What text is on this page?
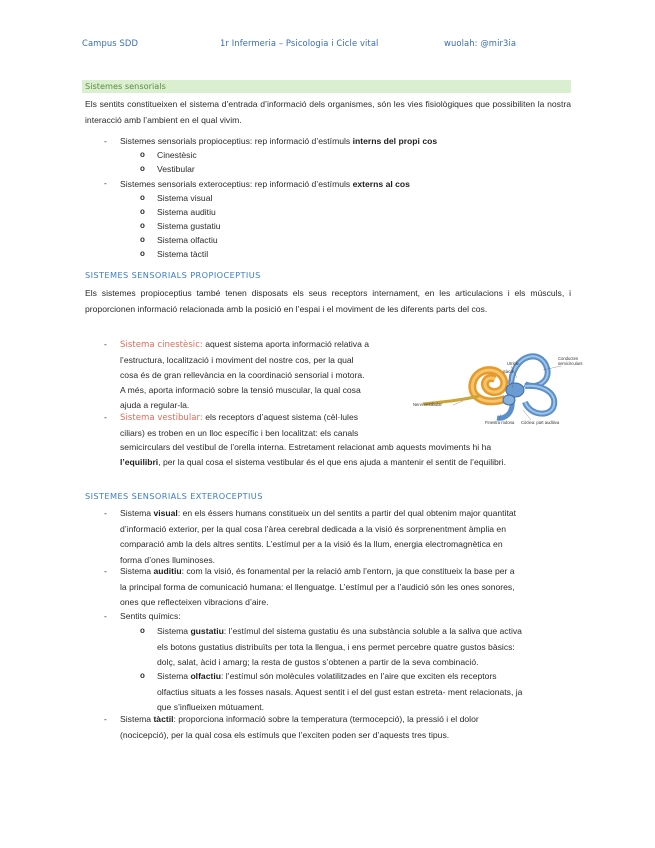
Campus SDD	1r Infermeria – Psicologia i Cicle vital	wuolah: @mir3ia
Sistemes sensorials

Els sentits constitueixen el sistema d’entrada d’informació dels organismes, són les vies fisiològiques que possibiliten la nostra interacció amb l’ambient en el qual vivim.

-	Sistemes sensorials propioceptius: rep informació d’estímuls interns del propi cos
o Cinestèsic
o Vestibular
-	Sistemes sensorials exteroceptius: rep informació d’estímuls externs al cos
o Sistema visual
o Sistema auditiu
o Sistema gustatiu
o Sistema olfactiu
o Sistema tàctil
SISTEMES SENSORIALS PROPIOCEPTIUS

Els sistemes propioceptius també tenen disposats els seus receptors internament, en les articulacions i els músculs, i proporcionen informació relacionada amb la posició en l’espai i el moviment de les diferents parts del cos.

-	Sistema cinestèsic: aquest sistema aporta informació relativa a
l’estructura, localització i moviment del nostre cos, per la qual
cosa és de gran rellevància en la coordinació sensorial i motora.
A més, aporta informació sobre la tensió muscular, la qual cosa
ajuda a regular-la.
-	Sistema vestibular: els receptors d’aquest sistema (cèl·lules
ciliars) es troben en un lloc específic i ben localitzat: els canals
semicirculars del vestíbul de l’orella interna. Estretament relacionat amb aquests moviments hi ha
l’equilibri, per la qual cosa el sistema vestibular és el que ens ajuda a mantenir el sentit de l’equilibri.
Conductes
semicirculars
Utricle
Sàcul
Nervi vestibular
Finestra rodona Còclea: part auditiva
SISTEMES SENSORIALS EXTEROCEPTIUS
-	Sistema visual: en els éssers humans constitueix un del sentits a partir del qual obtenim major quantitat
d’informació exterior, per la qual cosa l’àrea cerebral dedicada a la visió és sorprenentment àmplia en
comparació amb la dels altres sentits. L’estímul per a la visió és la llum, energia electromagnètica en
forma d’ones lluminoses.
-	Sistema auditiu: com la visió, és fonamental per la relació amb l’entorn, ja que constitueix la base per a
la principal forma de comunicació humana: el llenguatge. L’estímul per a l’audició són les ones sonores,
ones que reflecteixen vibracions d’aire.
-	Sentits químics:
o Sistema gustatiu: l’estímul del sistema gustatiu és una substància soluble a la saliva que activa
els botons gustatius distribuïts per tota la llengua, i ens permet percebre quatre gustos bàsics:
dolç, salat, àcid i amarg; la resta de gustos s’obtenen a partir de la seva combinació.
o Sistema olfactiu: l’estímul són molècules volatilitzades en l’aire que exciten els receptors
olfactius situats a les fosses nasals. Aquest sentit i el del gust estan estreta- ment relacionats, ja
que s’influeixen mútuament.
-	Sistema tàctil: proporciona informació sobre la temperatura (termocepció), la pressió i el dolor
(nocicepció), per la qual cosa els estímuls que l’exciten poden ser d’aquests tres tipus.
